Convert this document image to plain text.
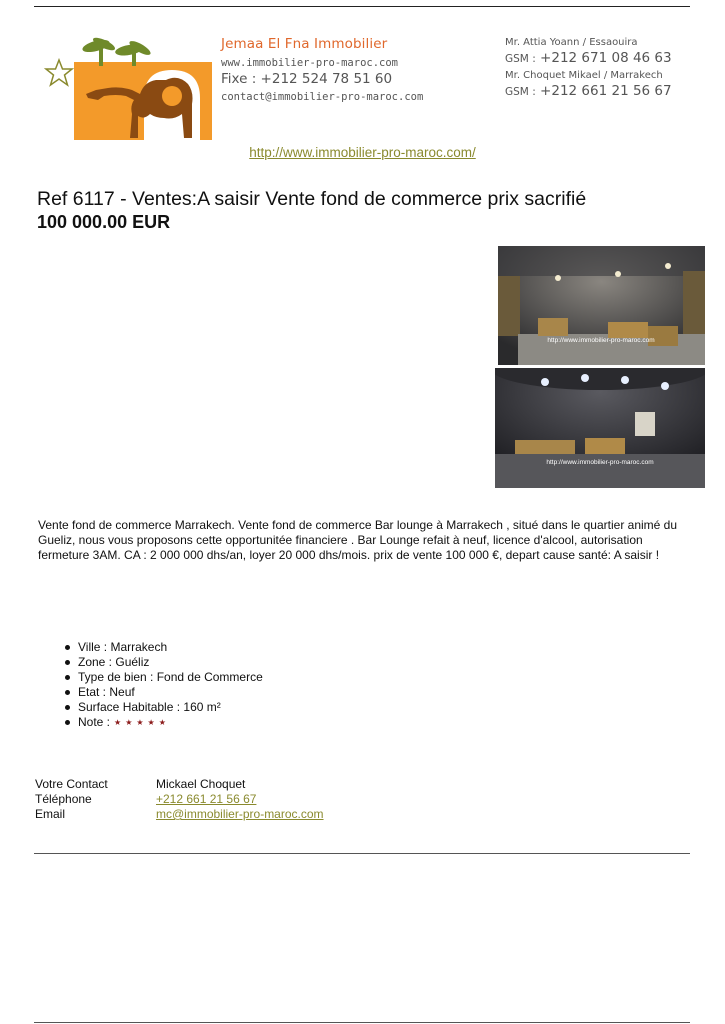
Jemaa El Fna Immobilier
www.immobilier-pro-maroc.com
Fixe : +212 524 78 51 60
contact@immobilier-pro-maroc.com
Mr. Attia Yoann / Essaouira
GSM : +212 671 08 46 63
Mr. Choquet Mikael / Marrakech
GSM : +212 661 21 56 67
http://www.immobilier-pro-maroc.com/
Ref 6117 - Ventes:A saisir Vente fond de commerce prix sacrifié
100 000.00 EUR
http://www.immobilier-pro-maroc.com
http://www.immobilier-pro-maroc.com
Vente fond de commerce Marrakech. Vente fond de commerce Bar lounge à Marrakech , situé dans le quartier animé du Gueliz, nous vous proposons cette opportunitée financiere . Bar Lounge refait à neuf, licence d'alcool, autorisation fermeture 3AM. CA : 2 000 000 dhs/an, loyer 20 000 dhs/mois. prix de vente 100 000 €, depart cause santé: A saisir !
Ville : Marrakech
Zone : Guéliz
Type de bien : Fond de Commerce
Etat : Neuf
Surface Habitable : 160 m²
Note : ★★★★★
Votre Contact	Mickael Choquet
Téléphone	+212 661 21 56 67
Email	mc@immobilier-pro-maroc.com
